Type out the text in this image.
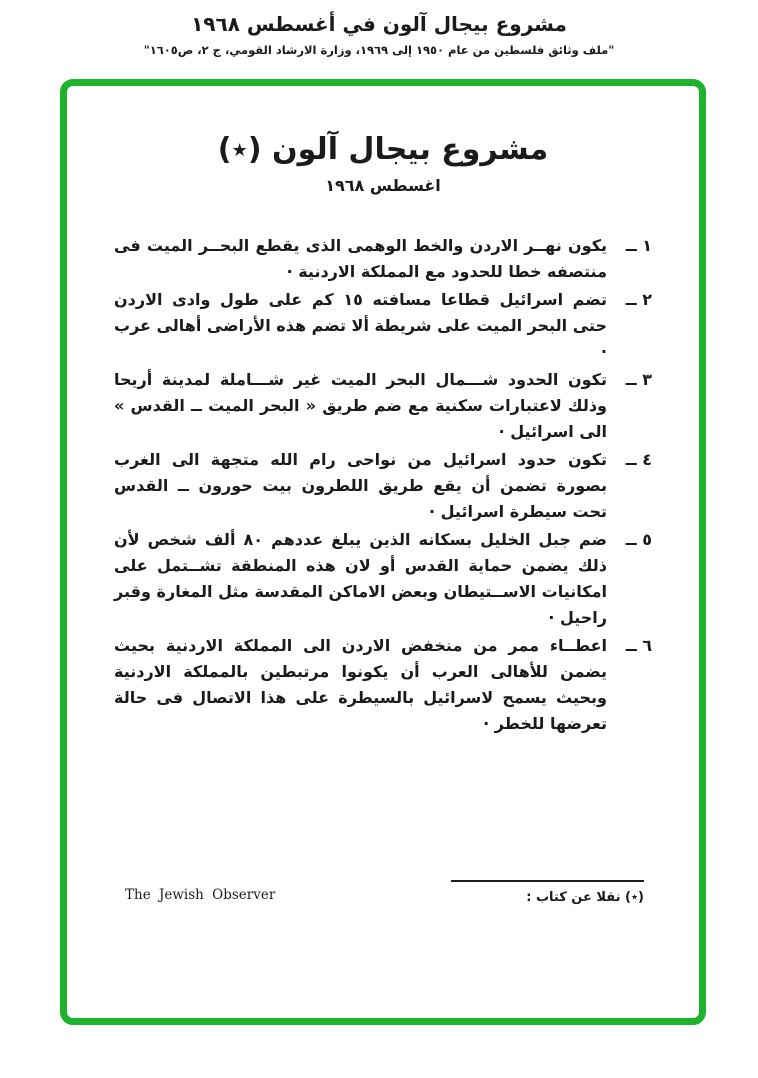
مشروع بيجال آلون في أغسطس ١٩٦٨
"ملف وثائق فلسطين من عام ١٩٥٠ إلى ١٩٦٩، وزارة الارشاد القومي، ج ٢، ص١٦٠٥"
مشروع بيجال آلون (٭)
اغسطس ١٩٦٨
١ ــ
يكون نهــر الاردن والخط الوهمى الذى يقطع البحــر الميت فى منتصفه خطا للحدود مع المملكة الاردنية ·
٢ ــ
تضم اسرائيل قطاعا مسافته ١٥ كم على طول وادى الاردن حتى البحر الميت على شريطة ألا تضم هذه الأراضى أهالى عرب ·
٣ ــ
تكون الحدود شـــمال البحر الميت غير شـــاملة لمدينة أريحا وذلك لاعتبارات سكنية مع ضم طريق « البحر الميت ــ القدس » الى اسرائيل ·
٤ ــ
تكون حدود اسرائيل من نواحى رام الله متجهة الى الغرب بصورة تضمن أن يقع طريق اللطرون بيت حورون ــ القدس تحت سيطرة اسرائيل ·
٥ ــ
ضم جبل الخليل بسكانه الذين يبلغ عددهم ٨٠ ألف شخص لأن ذلك يضمن حماية القدس أو لان هذه المنطقة تشــتمل على امكانيات الاســتيطان وبعض الاماكن المقدسة مثل المغارة وقبر راحيل ·
٦ ــ
اعطــاء ممر من منخفض الاردن الى المملكة الاردنية بحيث يضمن للأهالى العرب أن يكونوا مرتبطين بالمملكة الاردنية وبحيث يسمح لاسرائيل بالسيطرة على هذا الاتصال فى حالة تعرضها للخطر ·
The Jewish Observer	(٭) نقلا عن كتاب :
